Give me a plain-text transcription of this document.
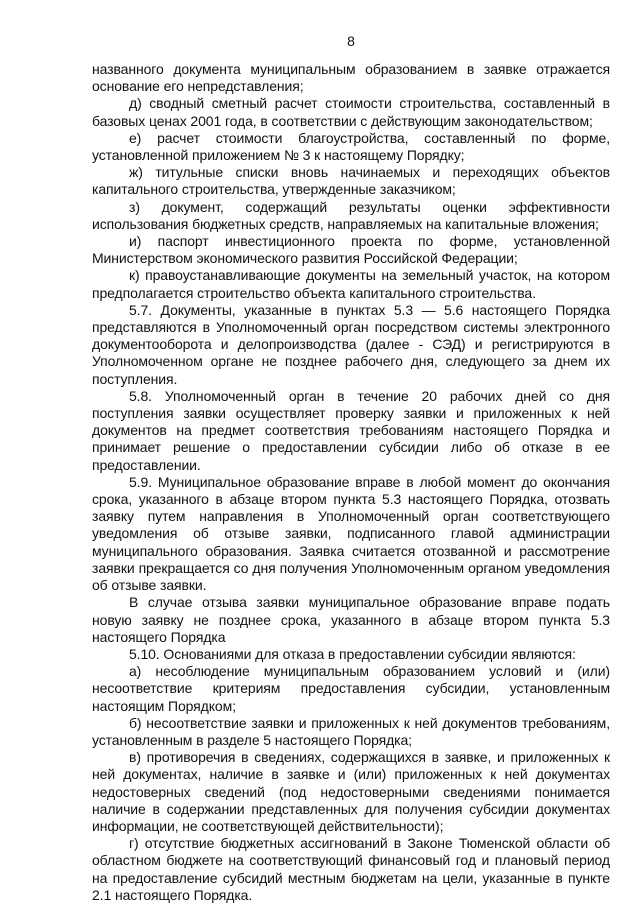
8

названного документа муниципальным образованием в заявке отражается основание его непредставления;

д) сводный сметный расчет стоимости строительства, составленный в базовых ценах 2001 года, в соответствии с действующим законодательством;

е) расчет стоимости благоустройства, составленный по форме, установленной приложением № 3 к настоящему Порядку;

ж) титульные списки вновь начинаемых и переходящих объектов капитального строительства, утвержденные заказчиком;

з) документ, содержащий результаты оценки эффективности использования бюджетных средств, направляемых на капитальные вложения;

и) паспорт инвестиционного проекта по форме, установленной Министерством экономического развития Российской Федерации;

к) правоустанавливающие документы на земельный участок, на котором предполагается строительство объекта капитального строительства.

5.7. Документы, указанные в пунктах 5.3 — 5.6 настоящего Порядка представляются в Уполномоченный орган посредством системы электронного документооборота и делопроизводства (далее - СЭД) и регистрируются в Уполномоченном органе не позднее рабочего дня, следующего за днем их поступления.

5.8. Уполномоченный орган в течение 20 рабочих дней со дня поступления заявки осуществляет проверку заявки и приложенных к ней документов на предмет соответствия требованиям настоящего Порядка и принимает решение о предоставлении субсидии либо об отказе в ее предоставлении.

5.9. Муниципальное образование вправе в любой момент до окончания срока, указанного в абзаце втором пункта 5.3 настоящего Порядка, отозвать заявку путем направления в Уполномоченный орган соответствующего уведомления об отзыве заявки, подписанного главой администрации муниципального образования. Заявка считается отозванной и рассмотрение заявки прекращается со дня получения Уполномоченным органом уведомления об отзыве заявки.

В случае отзыва заявки муниципальное образование вправе подать новую заявку не позднее срока, указанного в абзаце втором пункта 5.3 настоящего Порядка

5.10. Основаниями для отказа в предоставлении субсидии являются:

а) несоблюдение муниципальным образованием условий и (или) несоответствие критериям предоставления субсидии, установленным настоящим Порядком;

б) несоответствие заявки и приложенных к ней документов требованиям, установленным в разделе 5 настоящего Порядка;

в) противоречия в сведениях, содержащихся в заявке, и приложенных к ней документах, наличие в заявке и (или) приложенных к ней документах недостоверных сведений (под недостоверными сведениями понимается наличие в содержании представленных для получения субсидии документах информации, не соответствующей действительности);

г) отсутствие бюджетных ассигнований в Законе Тюменской области об областном бюджете на соответствующий финансовый год и плановый период на предоставление субсидий местным бюджетам на цели, указанные в пункте 2.1 настоящего Порядка.
